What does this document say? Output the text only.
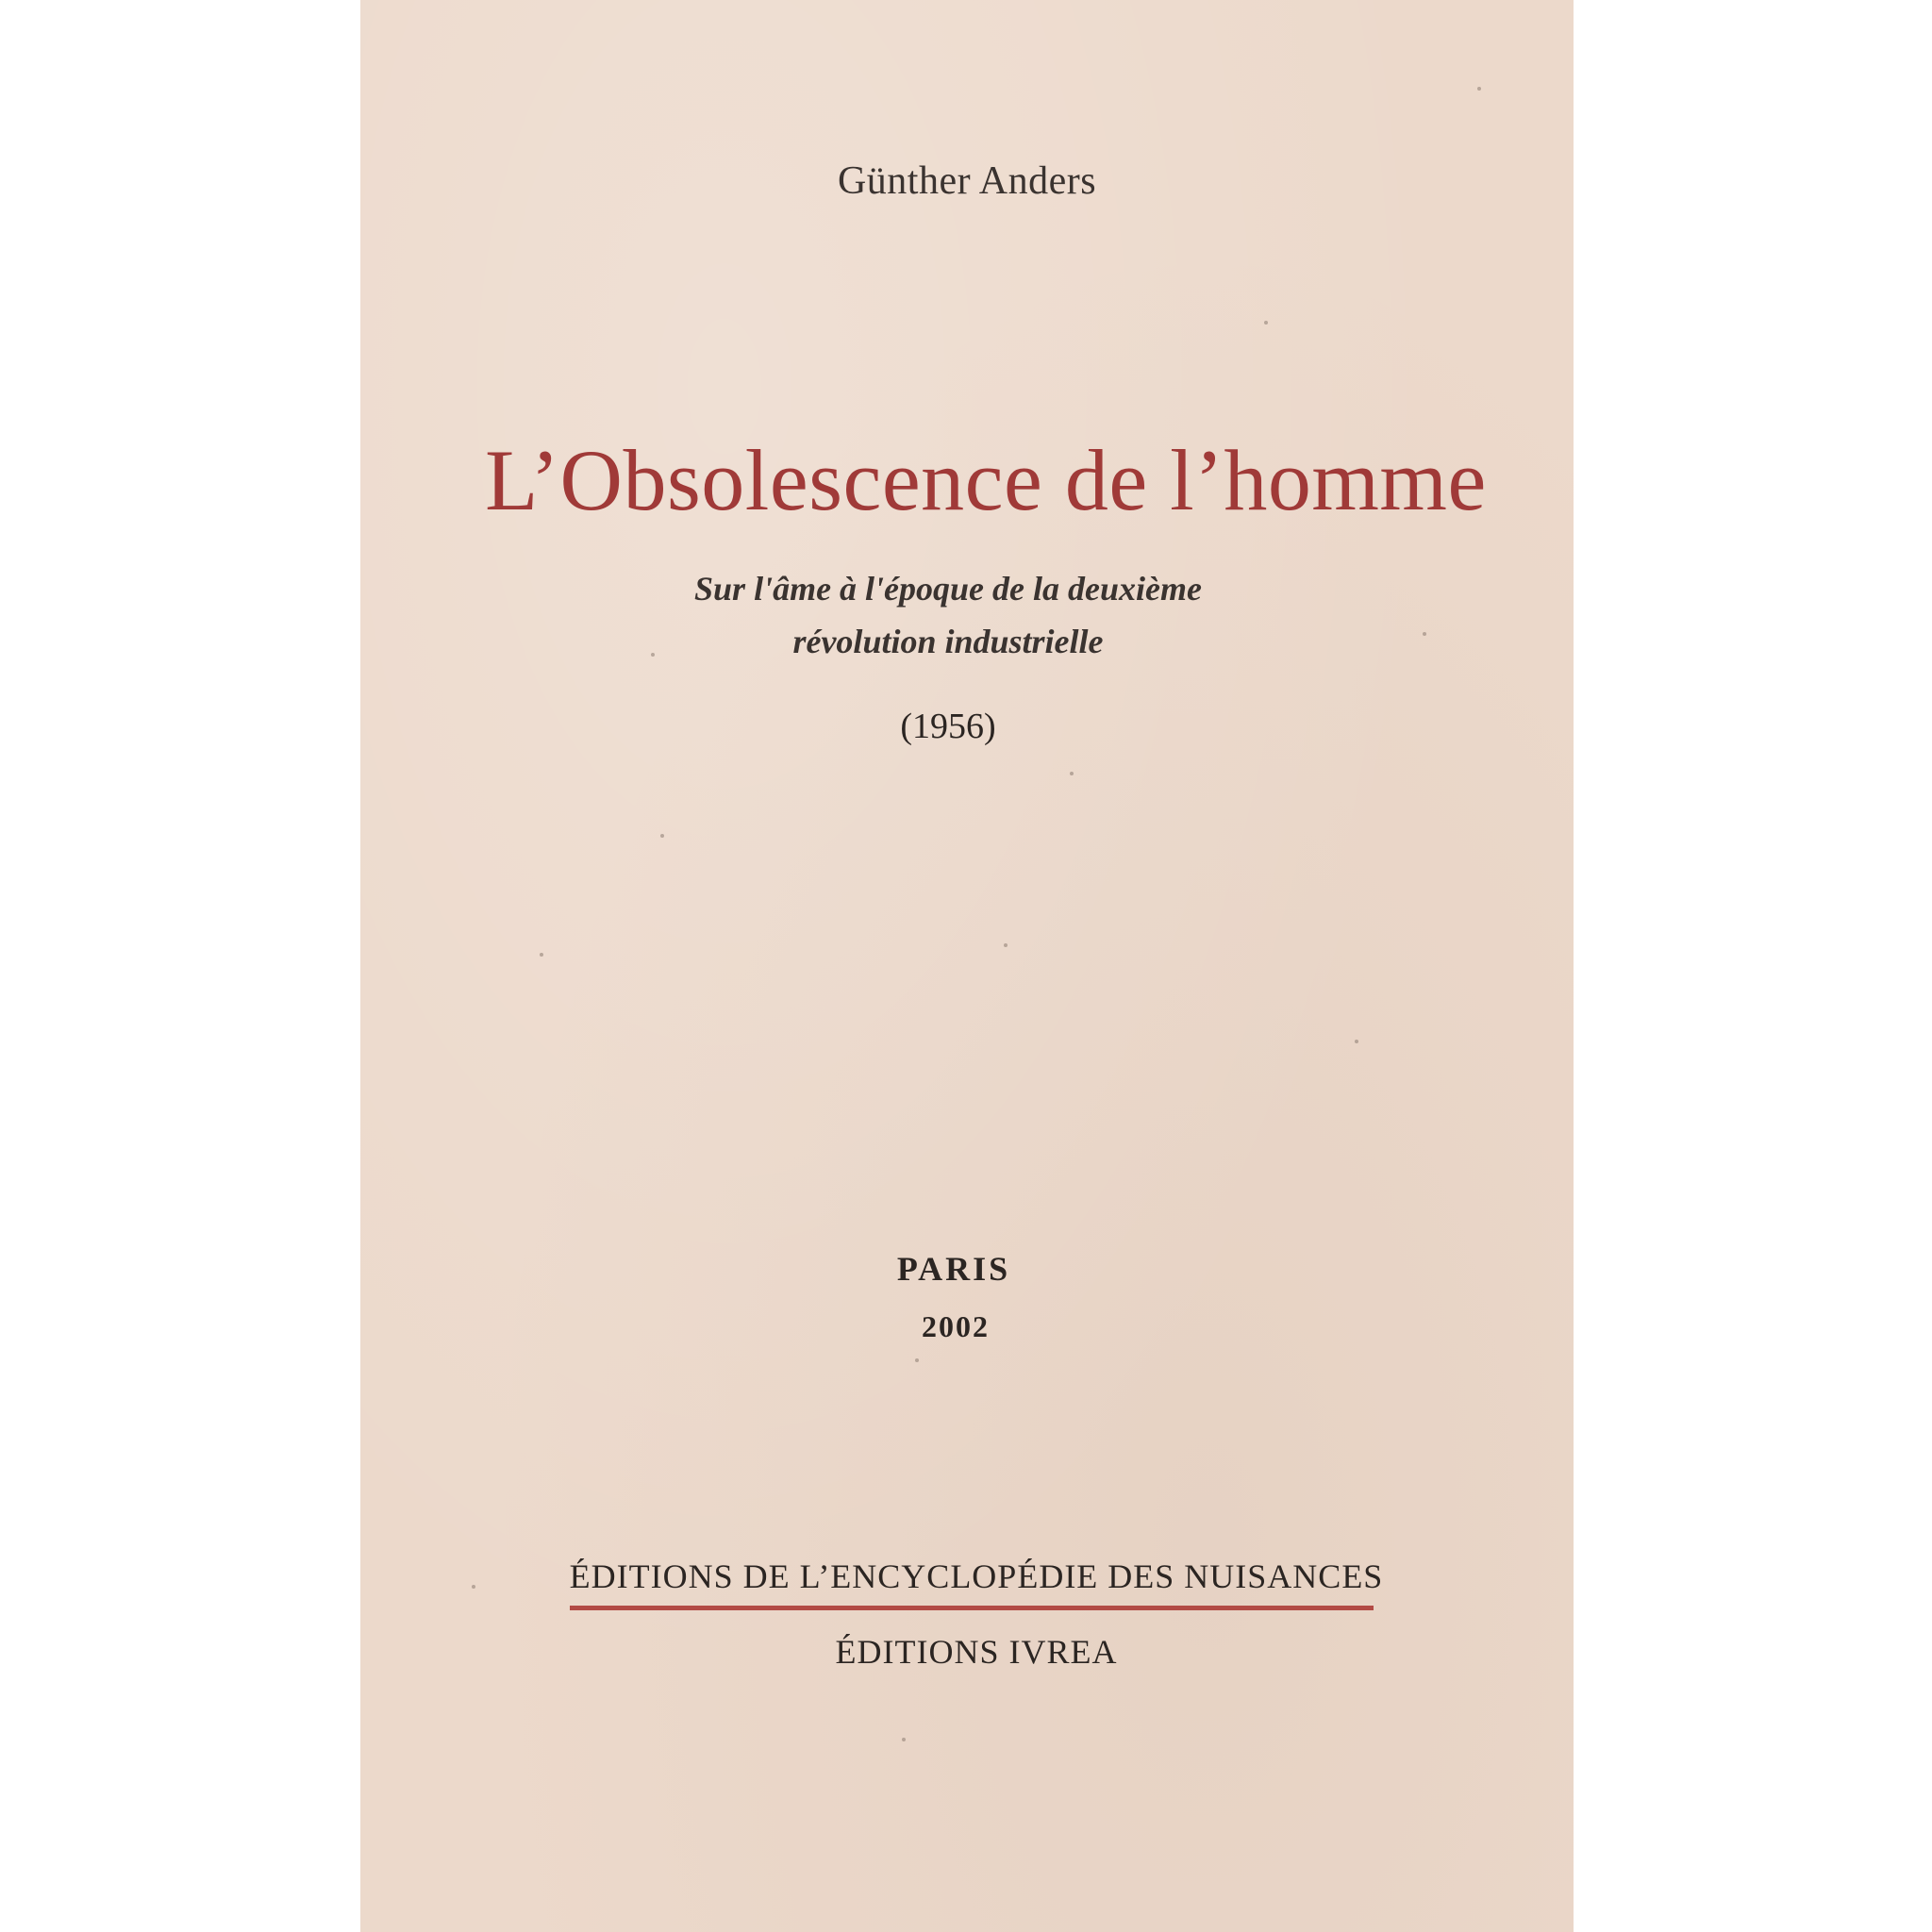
Günther Anders
L’Obsolescence de l’homme
Sur l'âme à l'époque de la deuxième
révolution industrielle
(1956)
PARIS
2002
ÉDITIONS DE L’ENCYCLOPÉDIE DES NUISANCES
ÉDITIONS IVREA
